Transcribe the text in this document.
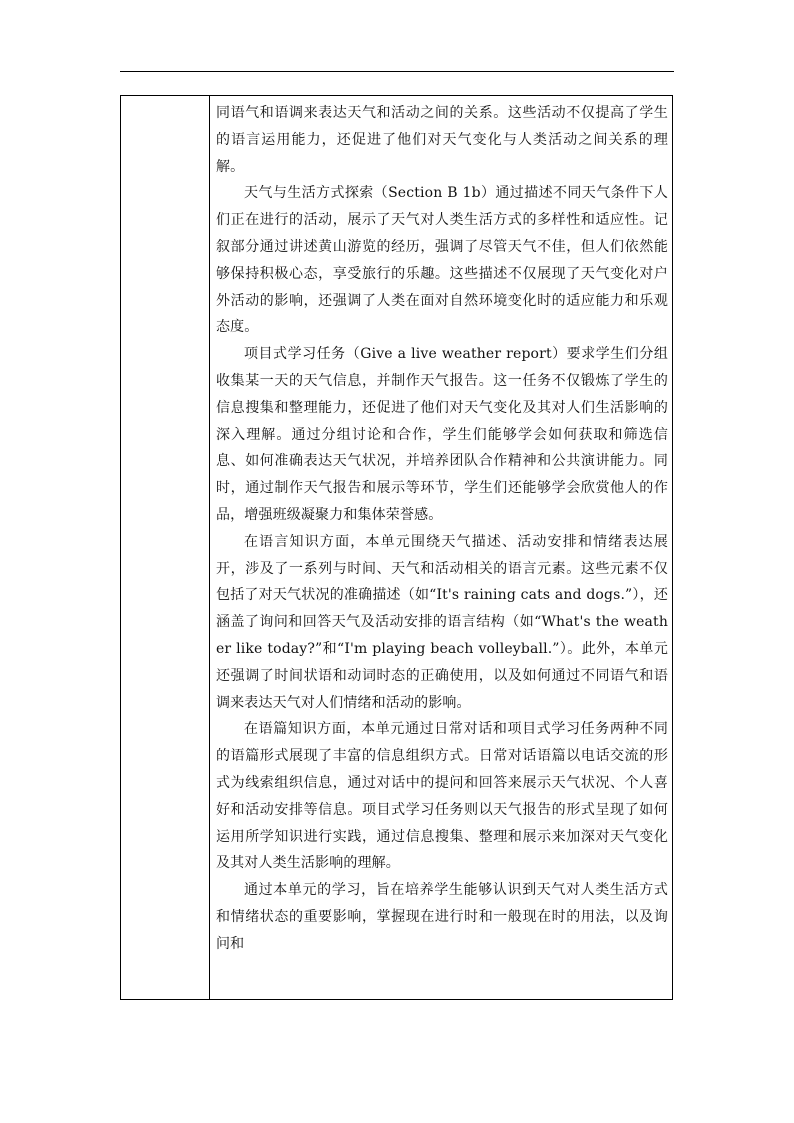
同语气和语调来表达天气和活动之间的关系。这些活动不仅提高了学生的语言运用能力，还促进了他们对天气变化与人类活动之间关系的理解。

天气与生活方式探索（Section B 1b）通过描述不同天气条件下人们正在进行的活动，展示了天气对人类生活方式的多样性和适应性。记叙部分通过讲述黄山游览的经历，强调了尽管天气不佳，但人们依然能够保持积极心态，享受旅行的乐趣。这些描述不仅展现了天气变化对户外活动的影响，还强调了人类在面对自然环境变化时的适应能力和乐观态度。

项目式学习任务（Give a live weather report）要求学生们分组收集某一天的天气信息，并制作天气报告。这一任务不仅锻炼了学生的信息搜集和整理能力，还促进了他们对天气变化及其对人们生活影响的深入理解。通过分组讨论和合作，学生们能够学会如何获取和筛选信息、如何准确表达天气状况，并培养团队合作精神和公共演讲能力。同时，通过制作天气报告和展示等环节，学生们还能够学会欣赏他人的作品，增强班级凝聚力和集体荣誉感。

在语言知识方面，本单元围绕天气描述、活动安排和情绪表达展开，涉及了一系列与时间、天气和活动相关的语言元素。这些元素不仅包括了对天气状况的准确描述（如“It's raining cats and dogs.”），还涵盖了询问和回答天气及活动安排的语言结构（如“What's the weather like today?”和“I'm playing beach volleyball.”）。此外，本单元还强调了时间状语和动词时态的正确使用，以及如何通过不同语气和语调来表达天气对人们情绪和活动的影响。

在语篇知识方面，本单元通过日常对话和项目式学习任务两种不同的语篇形式展现了丰富的信息组织方式。日常对话语篇以电话交流的形式为线索组织信息，通过对话中的提问和回答来展示天气状况、个人喜好和活动安排等信息。项目式学习任务则以天气报告的形式呈现了如何运用所学知识进行实践，通过信息搜集、整理和展示来加深对天气变化及其对人类生活影响的理解。

通过本单元的学习，旨在培养学生能够认识到天气对人类生活方式和情绪状态的重要影响，掌握现在进行时和一般现在时的用法，以及询问和
